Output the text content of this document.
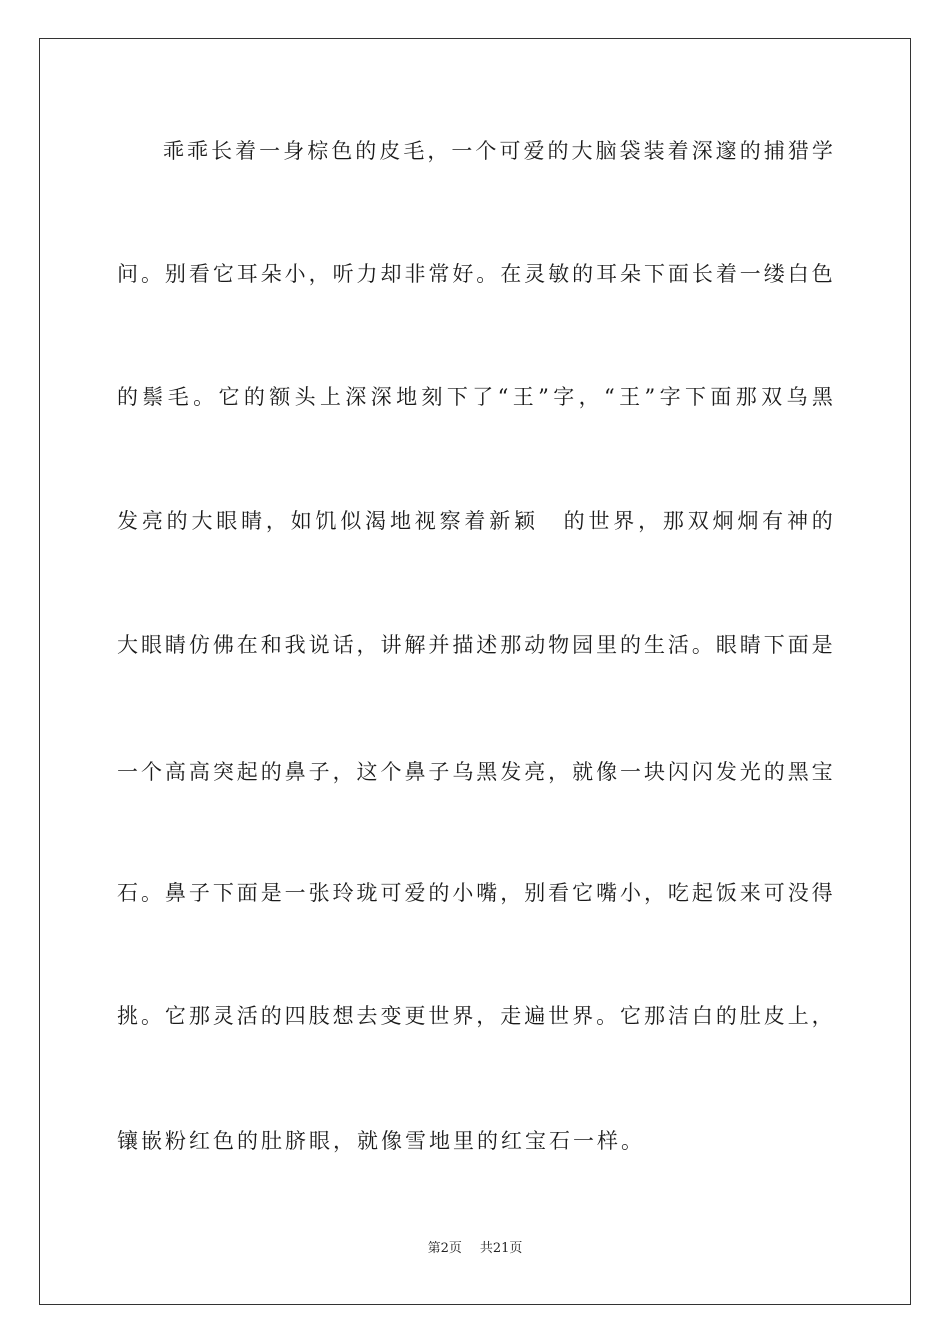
乖 乖 长 着 一 身 棕 色 的 皮 毛 ， 一 个 可 爱 的 大 脑 袋 装 着 深 邃 的 捕 猎 学
问 。 别 看 它 耳 朵 小 ， 听 力 却 非 常 好 。 在 灵 敏 的 耳 朵 下 面 长 着 一 缕 白 色
的 鬃 毛 。 它 的 额 头 上 深 深 地 刻 下 了 “ 王 ” 字 ， “ 王 ” 字 下 面 那 双 乌 黑
发 亮 的 大 眼 睛 ， 如 饥 似 渴 地 视 察 着 新 颖
　 的 世 界 ， 那 双 炯 炯 有 神 的
大 眼 睛 仿 佛 在 和 我 说 话 ， 讲 解 并 描 述 那 动 物 园 里 的 生 活 。 眼 睛 下 面 是
一 个 高 高 突 起 的 鼻 子 ， 这 个 鼻 子 乌 黑 发 亮 ， 就 像 一 块 闪 闪 发 光 的 黑 宝
石 。 鼻 子 下 面 是 一 张 玲 珑 可 爱 的 小 嘴 ， 别 看 它 嘴 小 ， 吃 起 饭 来 可 没 得
挑 。 它 那 灵 活 的 四 肢 想 去 变 更 世 界 ， 走 遍 世 界 。 它 那 洁 白 的 肚 皮 上 ，
镶嵌粉红色的肚脐眼，就像雪地里的红宝石一样。
第2页 共21页
